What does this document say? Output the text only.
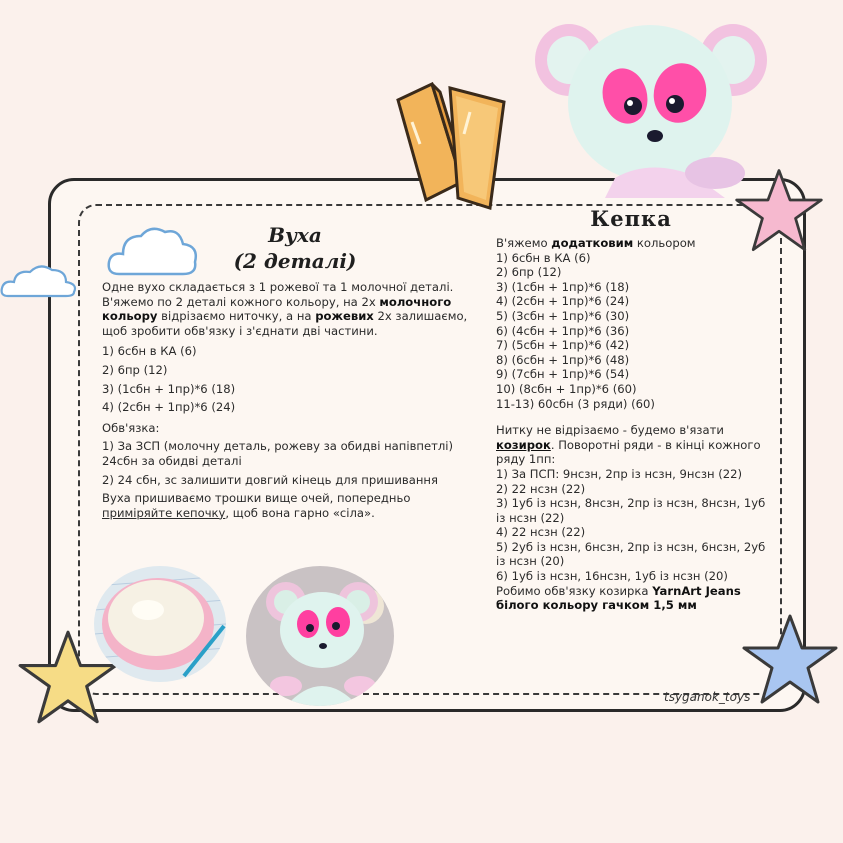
Вуха
(2 деталі)

Одне вухо складається з 1 рожевої та 1 молочної деталі. В'яжемо по 2 деталі кожного кольору, на 2х молочного кольору відрізаємо ниточку, а на рожевих 2х залишаємо, щоб зробити обв'язку і з'єднати дві частини.

1) 6сбн в КА (6)

2) 6пр (12)

3) (1сбн + 1пр)*6 (18)

4) (2сбн + 1пр)*6 (24)

Обв'язка:

1) За ЗСП (молочну деталь, рожеву за обидві напівпетлі) 24сбн за обидві деталі

2) 24 сбн, зс залишити довгий кінець для пришивання

Вуха пришиваємо трошки вище очей, попередньо приміряйте кепочку, щоб вона гарно «сіла».

Кепка

В'яжемо додатковим кольором

1) 6сбн в КА (6)

2) 6пр (12)

3) (1сбн + 1пр)*6 (18)

4) (2сбн + 1пр)*6 (24)

5) (3сбн + 1пр)*6 (30)

6) (4сбн + 1пр)*6 (36)

7) (5сбн + 1пр)*6 (42)

8) (6сбн + 1пр)*6 (48)

9) (7сбн + 1пр)*6 (54)

10) (8сбн + 1пр)*6 (60)

11-13) 60сбн (3 ряди) (60)

Нитку не відрізаємо - будемо в'язати козирок. Поворотні ряди - в кінці кожного ряду 1пп:

1) За ПСП: 9нсзн, 2пр із нсзн, 9нсзн (22)

2) 22 нсзн (22)

3) 1уб із нсзн, 8нсзн, 2пр із нсзн, 8нсзн, 1уб із нсзн (22)

4) 22 нсзн (22)

5) 2уб із нсзн, 6нсзн, 2пр із нсзн, 6нсзн, 2уб із нсзн (20)

6) 1уб із нсзн, 16нсзн, 1уб із нсзн (20)

Робимо обв'язку козирка YarnArt Jeans білого кольору гачком 1,5 мм

tsyganok_toys
